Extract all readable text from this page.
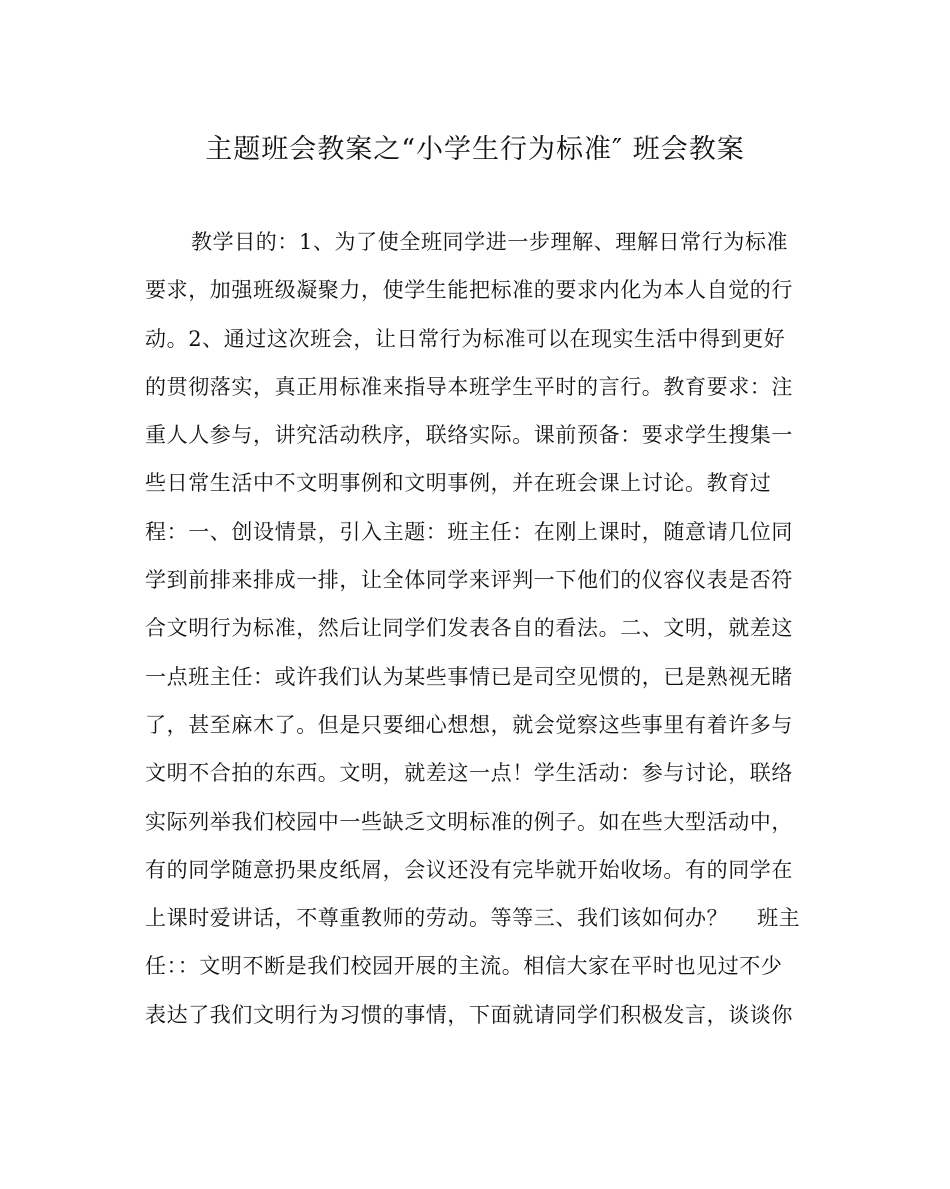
主题班会教案之“小学生行为标准″ 班会教案
教学目的：1、为了使全班同学进一步理解、理解日常行为标准
要求，加强班级凝聚力，使学生能把标准的要求内化为本人自觉的行
动。2、通过这次班会，让日常行为标准可以在现实生活中得到更好
的贯彻落实，真正用标准来指导本班学生平时的言行。教育要求：注
重人人参与，讲究活动秩序，联络实际。课前预备：要求学生搜集一
些日常生活中不文明事例和文明事例，并在班会课上讨论。教育过
程：一、创设情景，引入主题：班主任：在刚上课时，随意请几位同
学到前排来排成一排，让全体同学来评判一下他们的仪容仪表是否符
合文明行为标准，然后让同学们发表各自的看法。二、文明，就差这
一点班主任：或许我们认为某些事情已是司空见惯的，已是熟视无睹
了，甚至麻木了。但是只要细心想想，就会觉察这些事里有着许多与
文明不合拍的东西。文明，就差这一点！学生活动：参与讨论，联络
实际列举我们校园中一些缺乏文明标准的例子。如在些大型活动中，
有的同学随意扔果皮纸屑，会议还没有完毕就开始收场。有的同学在
上课时爱讲话，不尊重教师的劳动。等等三、我们该如何办？　 班主
任：：文明不断是我们校园开展的主流。相信大家在平时也见过不少
表达了我们文明行为习惯的事情，下面就请同学们积极发言，谈谈你
